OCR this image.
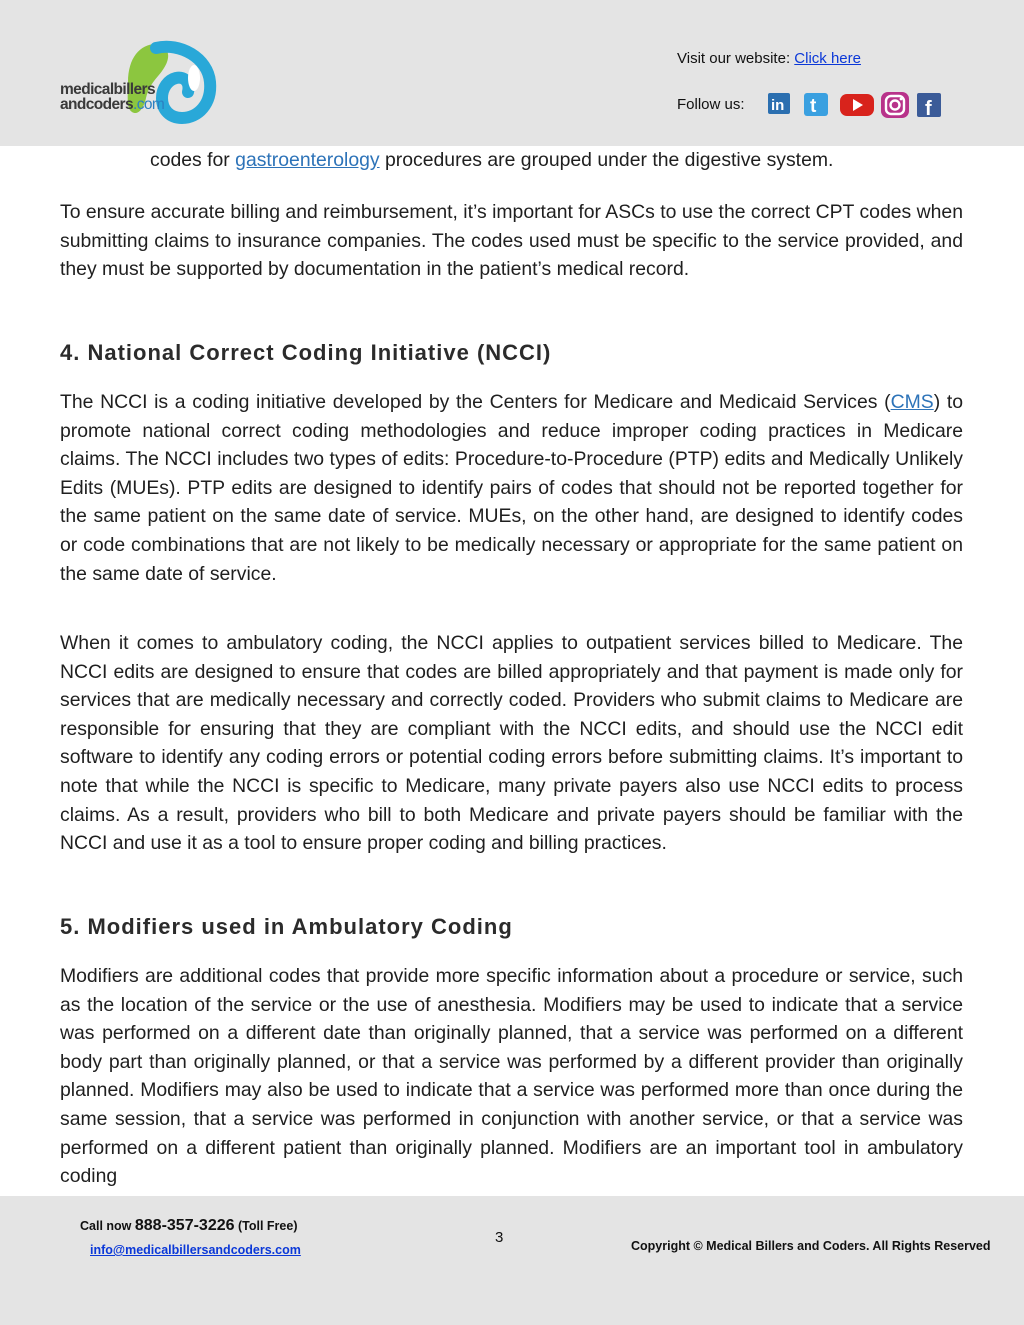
medicalbillers
andcoders.com
Visit our website: Click here
Follow us: in t	f
codes for gastroenterology procedures are grouped under the digestive system.

To ensure accurate billing and reimbursement, it’s important for ASCs to use the correct CPT codes when submitting claims to insurance companies. The codes used must be specific to the service provided, and they must be supported by documentation in the patient’s medical record.

4. National Correct Coding Initiative (NCCI)

The NCCI is a coding initiative developed by the Centers for Medicare and Medicaid Services (CMS) to promote national correct coding methodologies and reduce improper coding practices in Medicare claims. The NCCI includes two types of edits: Procedure-to-Procedure (PTP) edits and Medically Unlikely Edits (MUEs). PTP edits are designed to identify pairs of codes that should not be reported together for the same patient on the same date of service. MUEs, on the other hand, are designed to identify codes or code combinations that are not likely to be medically necessary or appropriate for the same patient on the same date of service.

When it comes to ambulatory coding, the NCCI applies to outpatient services billed to Medicare. The NCCI edits are designed to ensure that codes are billed appropriately and that payment is made only for services that are medically necessary and correctly coded. Providers who submit claims to Medicare are responsible for ensuring that they are compliant with the NCCI edits, and should use the NCCI edit software to identify any coding errors or potential coding errors before submitting claims. It’s important to note that while the NCCI is specific to Medicare, many private payers also use NCCI edits to process claims. As a result, providers who bill to both Medicare and private payers should be familiar with the NCCI and use it as a tool to ensure proper coding and billing practices.

5. Modifiers used in Ambulatory Coding

Modifiers are additional codes that provide more specific information about a procedure or service, such as the location of the service or the use of anesthesia. Modifiers may be used to indicate that a service was performed on a different date than originally planned, that a service was performed on a different body part than originally planned, or that a service was performed by a different provider than originally planned. Modifiers may also be used to indicate that a service was performed more than once during the same session, that a service was performed in conjunction with another service, or that a service was performed on a different patient than originally planned. Modifiers are an important tool in ambulatory coding

Call now 888-357-3226 (Toll Free)
info@medicalbillersandcoders.com
3	Copyright © Medical Billers and Coders. All Rights Reserved
